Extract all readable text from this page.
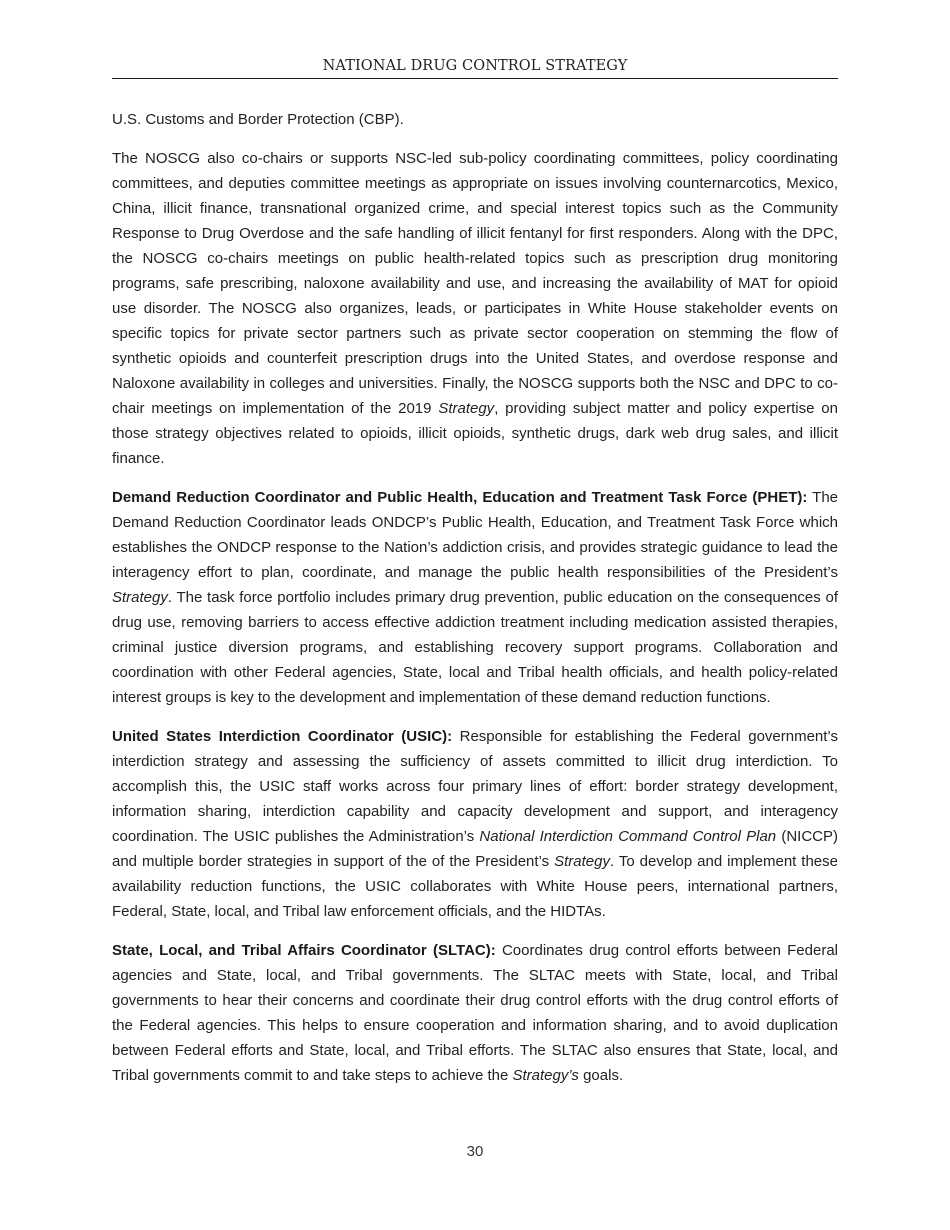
NATIONAL DRUG CONTROL STRATEGY

U.S. Customs and Border Protection (CBP).

The NOSCG also co-chairs or supports NSC-led sub-policy coordinating committees, policy coordinating committees, and deputies committee meetings as appropriate on issues involving counternarcotics, Mexico, China, illicit finance, transnational organized crime, and special interest topics such as the Community Response to Drug Overdose and the safe handling of illicit fentanyl for first responders. Along with the DPC, the NOSCG co-chairs meetings on public health-related topics such as prescription drug monitoring programs, safe prescribing, naloxone availability and use, and increasing the availability of MAT for opioid use disorder. The NOSCG also organizes, leads, or participates in White House stakeholder events on specific topics for private sector partners such as private sector cooperation on stemming the flow of synthetic opioids and counterfeit prescription drugs into the United States, and overdose response and Naloxone availability in colleges and universities. Finally, the NOSCG supports both the NSC and DPC to co-chair meetings on implementation of the 2019 Strategy, providing subject matter and policy expertise on those strategy objectives related to opioids, illicit opioids, synthetic drugs, dark web drug sales, and illicit finance.

Demand Reduction Coordinator and Public Health, Education and Treatment Task Force (PHET): The Demand Reduction Coordinator leads ONDCP’s Public Health, Education, and Treatment Task Force which establishes the ONDCP response to the Nation’s addiction crisis, and provides strategic guidance to lead the interagency effort to plan, coordinate, and manage the public health responsibilities of the President’s Strategy. The task force portfolio includes primary drug prevention, public education on the consequences of drug use, removing barriers to access effective addiction treatment including medication assisted therapies, criminal justice diversion programs, and establishing recovery support programs. Collaboration and coordination with other Federal agencies, State, local and Tribal health officials, and health policy-related interest groups is key to the development and implementation of these demand reduction functions.

United States Interdiction Coordinator (USIC): Responsible for establishing the Federal government’s interdiction strategy and assessing the sufficiency of assets committed to illicit drug interdiction. To accomplish this, the USIC staff works across four primary lines of effort: border strategy development, information sharing, interdiction capability and capacity development and support, and interagency coordination. The USIC publishes the Administration’s National Interdiction Command Control Plan (NICCP) and multiple border strategies in support of the of the President’s Strategy. To develop and implement these availability reduction functions, the USIC collaborates with White House peers, international partners, Federal, State, local, and Tribal law enforcement officials, and the HIDTAs.

State, Local, and Tribal Affairs Coordinator (SLTAC): Coordinates drug control efforts between Federal agencies and State, local, and Tribal governments. The SLTAC meets with State, local, and Tribal governments to hear their concerns and coordinate their drug control efforts with the drug control efforts of the Federal agencies. This helps to ensure cooperation and information sharing, and to avoid duplication between Federal efforts and State, local, and Tribal efforts. The SLTAC also ensures that State, local, and Tribal governments commit to and take steps to achieve the Strategy’s goals.

30
